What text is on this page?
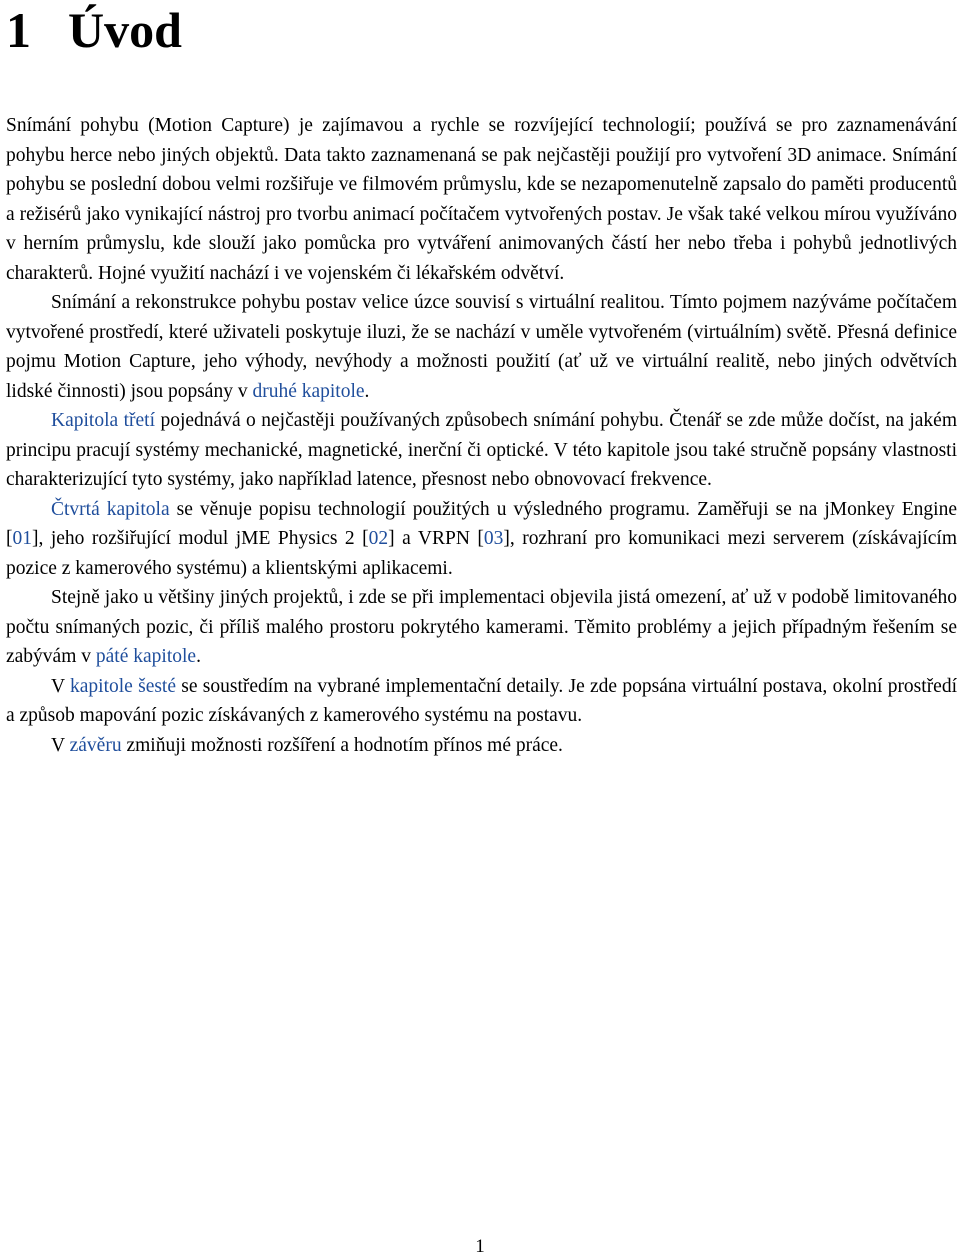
1 Úvod

Snímání pohybu (Motion Capture) je zajímavou a rychle se rozvíjející technologií; používá se pro zaznamenávání pohybu herce nebo jiných objektů. Data takto zaznamenaná se pak nejčastěji použijí pro vytvoření 3D animace. Snímání pohybu se poslední dobou velmi rozšiřuje ve filmovém průmyslu, kde se nezapomenutelně zapsalo do paměti producentů a režisérů jako vynikající nástroj pro tvorbu animací počítačem vytvořených postav. Je však také velkou mírou využíváno v herním průmyslu, kde slouží jako pomůcka pro vytváření animovaných částí her nebo třeba i pohybů jednotlivých charakterů. Hojné využití nachází i ve vojenském či lékařském odvětví.

Snímání a rekonstrukce pohybu postav velice úzce souvisí s virtuální realitou. Tímto pojmem nazýváme počítačem vytvořené prostředí, které uživateli poskytuje iluzi, že se nachází v uměle vytvořeném (virtuálním) světě. Přesná definice pojmu Motion Capture, jeho výhody, nevýhody a možnosti použití (ať už ve virtuální realitě, nebo jiných odvětvích lidské činnosti) jsou popsány v druhé kapitole.

Kapitola třetí pojednává o nejčastěji používaných způsobech snímání pohybu. Čtenář se zde může dočíst, na jakém principu pracují systémy mechanické, magnetické, inerční či optické. V této kapitole jsou také stručně popsány vlastnosti charakterizující tyto systémy, jako například latence, přesnost nebo obnovovací frekvence.

Čtvrtá kapitola se věnuje popisu technologií použitých u výsledného programu. Zaměřuji se na jMonkey Engine [01], jeho rozšiřující modul jME Physics 2 [02] a VRPN [03], rozhraní pro komunikaci mezi serverem (získávajícím pozice z kamerového systému) a klientskými aplikacemi.

Stejně jako u většiny jiných projektů, i zde se při implementaci objevila jistá omezení, ať už v podobě limitovaného počtu snímaných pozic, či příliš malého prostoru pokrytého kamerami. Těmito problémy a jejich případným řešením se zabývám v páté kapitole.

V kapitole šesté se soustředím na vybrané implementační detaily. Je zde popsána virtuální postava, okolní prostředí a způsob mapování pozic získávaných z kamerového systému na postavu.

V závěru zmiňuji možnosti rozšíření a hodnotím přínos mé práce.

1
